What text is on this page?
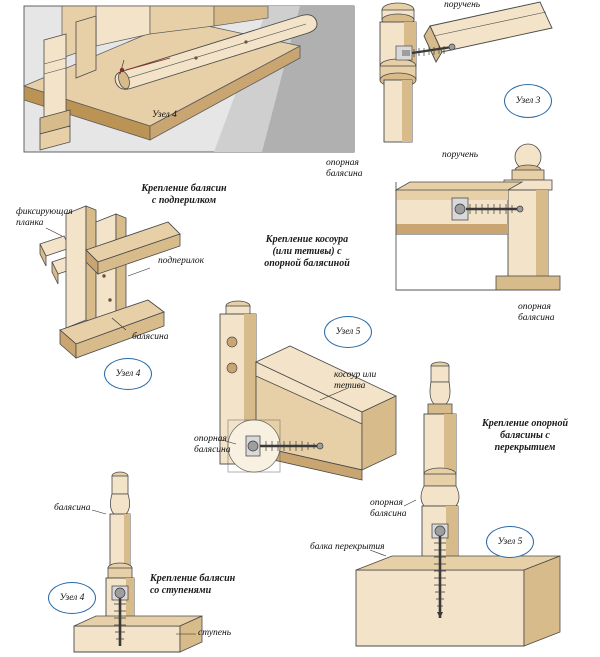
Узел 4
поручень
опорная
балясина
Узел 3
поручень
опорная
балясина
Крепление балясин
с подперилком
фиксирующая
планка
подперилок
балясина
Узел 4
Крепление косоура
(или тетивы) с
опорной балясиной
Узел 5
косоур или
тетива
опорная
балясина
Крепление опорной
балясины с
перекрытием
опорная
балясина
балка перекрытия	Узел 5
балясина
Крепление балясин
со ступенями
Узел 4
ступень
